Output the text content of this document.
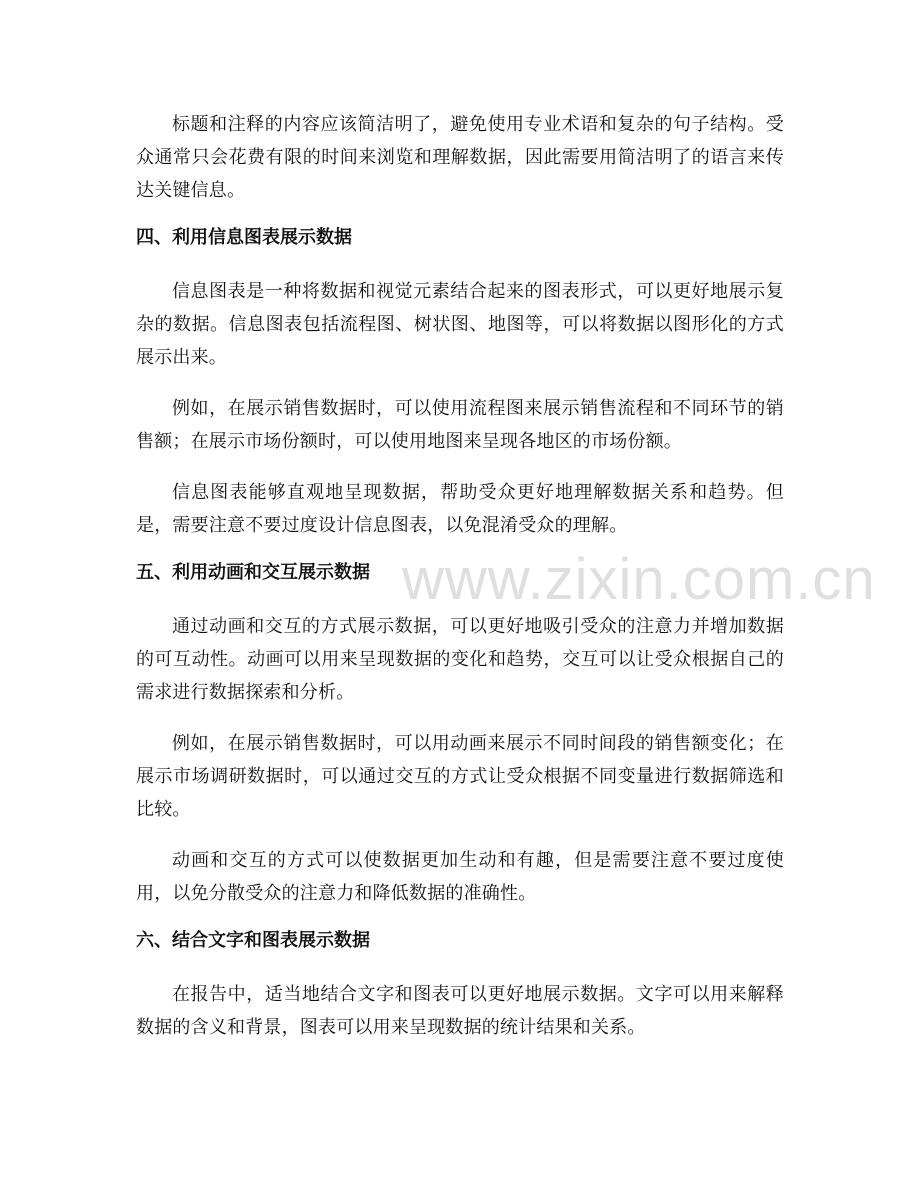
标题和注释的内容应该简洁明了，避免使用专业术语和复杂的句子结构。受众通常只会花费有限的时间来浏览和理解数据，因此需要用简洁明了的语言来传达关键信息。

四、利用信息图表展示数据

信息图表是一种将数据和视觉元素结合起来的图表形式，可以更好地展示复杂的数据。信息图表包括流程图、树状图、地图等，可以将数据以图形化的方式展示出来。

例如，在展示销售数据时，可以使用流程图来展示销售流程和不同环节的销售额；在展示市场份额时，可以使用地图来呈现各地区的市场份额。

信息图表能够直观地呈现数据，帮助受众更好地理解数据关系和趋势。但是，需要注意不要过度设计信息图表，以免混淆受众的理解。

五、利用动画和交互展示数据

通过动画和交互的方式展示数据，可以更好地吸引受众的注意力并增加数据的可互动性。动画可以用来呈现数据的变化和趋势，交互可以让受众根据自己的需求进行数据探索和分析。

例如，在展示销售数据时，可以用动画来展示不同时间段的销售额变化；在展示市场调研数据时，可以通过交互的方式让受众根据不同变量进行数据筛选和比较。

动画和交互的方式可以使数据更加生动和有趣，但是需要注意不要过度使用，以免分散受众的注意力和降低数据的准确性。

六、结合文字和图表展示数据

在报告中，适当地结合文字和图表可以更好地展示数据。文字可以用来解释数据的含义和背景，图表可以用来呈现数据的统计结果和关系。

www.zixin.com.cn
